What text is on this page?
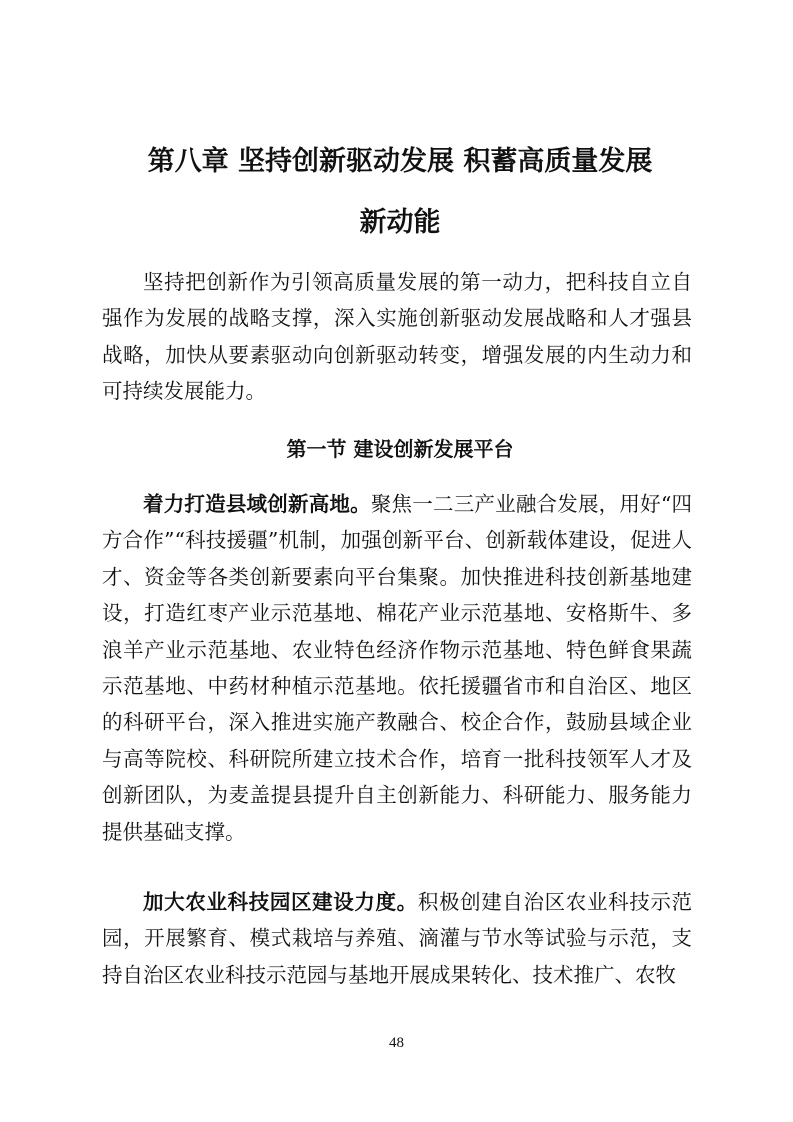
第八章 坚持创新驱动发展 积蓄高质量发展
新动能

坚持把创新作为引领高质量发展的第一动力，把科技自立自强作为发展的战略支撑，深入实施创新驱动发展战略和人才强县战略，加快从要素驱动向创新驱动转变，增强发展的内生动力和可持续发展能力。

第一节 建设创新发展平台

着力打造县域创新高地。聚焦一二三产业融合发展，用好“四方合作”“科技援疆”机制，加强创新平台、创新载体建设，促进人才、资金等各类创新要素向平台集聚。加快推进科技创新基地建设，打造红枣产业示范基地、棉花产业示范基地、安格斯牛、多浪羊产业示范基地、农业特色经济作物示范基地、特色鲜食果蔬示范基地、中药材种植示范基地。依托援疆省市和自治区、地区的科研平台，深入推进实施产教融合、校企合作，鼓励县域企业与高等院校、科研院所建立技术合作，培育一批科技领军人才及创新团队，为麦盖提县提升自主创新能力、科研能力、服务能力提供基础支撑。

加大农业科技园区建设力度。积极创建自治区农业科技示范园，开展繁育、模式栽培与养殖、滴灌与节水等试验与示范，支持自治区农业科技示范园与基地开展成果转化、技术推广、农牧

48
